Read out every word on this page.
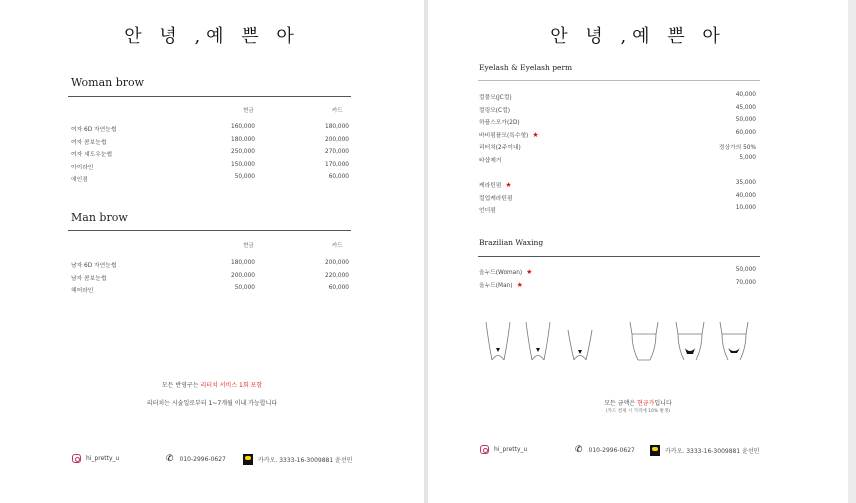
안 녕 ,예 쁜 아
Woman brow
현금	카드
여자 6D 자연눈썹	160,000	180,000
여자 콤보눈썹	180,000	200,000
여자 섀도우눈썹	250,000	270,000
아이라인	150,000	170,000
애인점	50,000	60,000
Man brow
현금	카드
남자 6D 자연눈썹	180,000	200,000
남자 콤보눈썹	200,000	220,000
헤어라인	50,000	60,000
모든 반영구는 리터치 서비스 1회 포함
리터치는 시술일로부터 1~7개월 이내 가능합니다
hi_pretty_u	✆ 010-2996-0627	카카오. 3333-16-3009881 윤선민
안 녕 ,예 쁜 아
Eyelash & Eyelash perm
컬풀모(JC컬)	40,000
컬링모(C컬)	45,000
하플스모가(2D)	50,000
바비펌플모(특수형) ★	60,000
리터치(2주이내)	정상가의 50%
타샵제거	5,000
케라틴펌 ★	35,000
컬업케라틴펌	40,000
언더펌	10,000
Brazilian Waxing
올누드(Woman) ★	50,000
올누드(Man) ★	70,000
모든 금액은 현금가입니다
(카드 결제 시 가격에 10% 발생)
hi_pretty_u	✆ 010-2996-0627	카카오. 3333-16-3009881 윤선민
